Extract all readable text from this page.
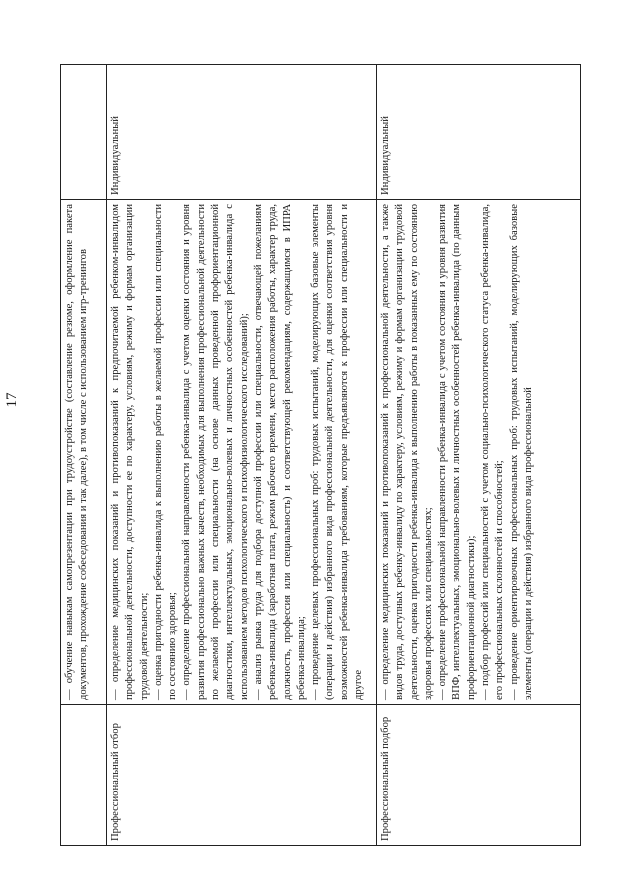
17

	— обучение навыкам самопрезентации при трудоустройстве (составление резюме, оформление пакета документов, прохождение собеседования и так далее), в том числе с использованием игр-тренингов	

Профессиональный отбор	— определение медицинских показаний и противопоказаний к предпочитаемой ребенком-инвалидом профессиональной деятельности, доступности ее по характеру, условиям, режиму и формам организации трудовой деятельности; — оценка пригодности ребенка-инвалида к выполнению работы в желаемой профессии или специальности по состоянию здоровья; — определение профессиональной направленности ребенка-инвалида с учетом оценки состояния и уровня развития профессионально важных качеств, необходимых для выполнения профессиональной деятельности по желаемой профессии или специальности (на основе данных проведенной профориентационной диагностики, интеллектуальных, эмоционально-волевых и личностных особенностей ребенка-инвалида с использованием методов психологического и психофизиологического исследований); — анализ рынка труда для подбора доступной профессии или специальности, отвечающей пожеланиям ребенка-инвалида (заработная плата, режим рабочего времени, место расположения работы, характер труда, должность, профессия или специальность) и соответствующей рекомендациям, содержащимся в ИПРА ребенка-инвалида; — проведение целевых профессиональных проб: трудовых испытаний, моделирующих базовые элементы (операции и действия) избранного вида профессиональной деятельности, для оценки соответствия уровня возможностей ребенка-инвалида требованиям, которые предъявляются к профессии или специальности и другое	Индивидуальный
Профессиональный подбор	— определение медицинских показаний и противопоказаний к профессиональной деятельности, а также видов труда, доступных ребенку-инвалиду по характеру, условиям, режиму и формам организации трудовой деятельности, оценка пригодности ребенка-инвалида к выполнению работы в показанных ему по состоянию здоровья профессиях или специальностях; — определение профессиональной направленности ребенка-инвалида с учетом состояния и уровня развития ВПФ, интеллектуальных, эмоционально-волевых и личностных особенностей ребенка-инвалида (по данным профориентационной диагностики); — подбор профессий или специальностей с учетом социально-психологического статуса ребенка-инвалида, его профессиональных склонностей и способностей; — проведение ориентировочных профессиональных проб: трудовых испытаний, моделирующих базовые элементы (операции и действия) избранного вида профессиональной	Индивидуальный
